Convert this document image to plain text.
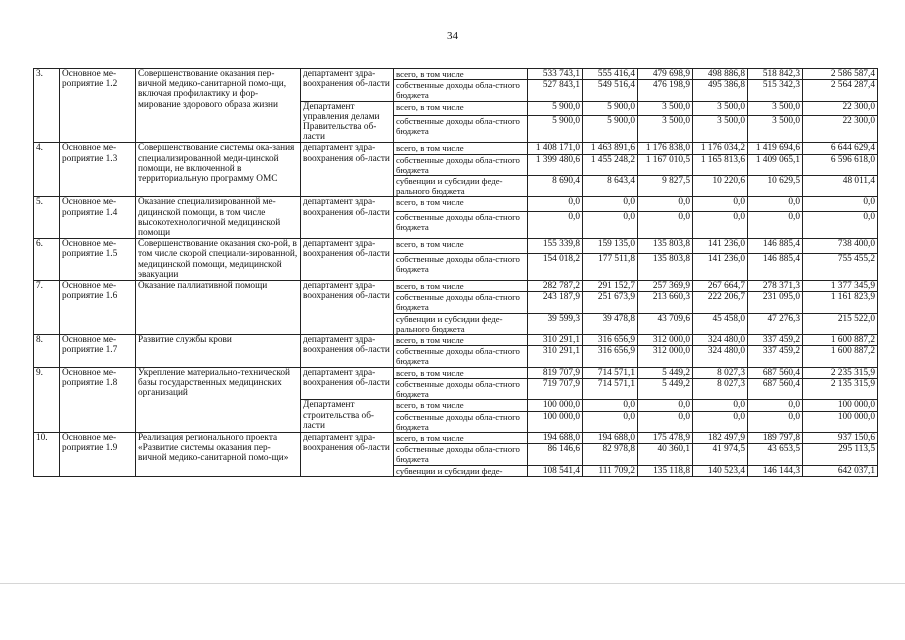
34
3.	Основное ме-роприятие 1.2	Совершенствование оказания пер-вичной медико-санитарной помо-щи, включая профилактику и фор-мирование здорового образа жизни	департамент здра-воохранения об-ласти	всего, в том числе	533 743,1	555 416,4	479 698,9	498 886,8	518 842,3	2 586 587,4
				собственные доходы обла-стного бюджета	527 843,1	549 516,4	476 198,9	495 386,8	515 342,3	2 564 287,4
			Департамент управления делами Правительства об-ласти	всего, в том числе	5 900,0	5 900,0	3 500,0	3 500,0	3 500,0	22 300,0
				собственные доходы обла-стного бюджета	5 900,0	5 900,0	3 500,0	3 500,0	3 500,0	22 300,0
4.	Основное ме-роприятие 1.3	Совершенствование системы ока-зания специализированной меди-цинской помощи, не включенной в территориальную программу ОМС	департамент здра-воохранения об-ласти	всего, в том числе	1 408 171,0	1 463 891,6	1 176 838,0	1 176 034,2	1 419 694,6	6 644 629,4
				собственные доходы обла-стного бюджета	1 399 480,6	1 455 248,2	1 167 010,5	1 165 813,6	1 409 065,1	6 596 618,0
				субвенции и субсидии феде-рального бюджета	8 690,4	8 643,4	9 827,5	10 220,6	10 629,5	48 011,4
5.	Основное ме-роприятие 1.4	Оказание специализированной ме-дицинской помощи, в том числе высокотехнологичной медицинской помощи	департамент здра-воохранения об-ласти	всего, в том числе	0,0	0,0	0,0	0,0	0,0	0,0
				собственные доходы обла-стного бюджета	0,0	0,0	0,0	0,0	0,0	0,0
6.	Основное ме-роприятие 1.5	Совершенствование оказания ско-рой, в том числе скорой специали-зированной, медицинской помощи, медицинской эвакуации	департамент здра-воохранения об-ласти	всего, в том числе	155 339,8	159 135,0	135 803,8	141 236,0	146 885,4	738 400,0
				собственные доходы обла-стного бюджета	154 018,2	177 511,8	135 803,8	141 236,0	146 885,4	755 455,2
7.	Основное ме-роприятие 1.6	Оказание паллиативной помощи	департамент здра-воохранения об-ласти	всего, в том числе	282 787,2	291 152,7	257 369,9	267 664,7	278 371,3	1 377 345,9
				собственные доходы обла-стного бюджета	243 187,9	251 673,9	213 660,3	222 206,7	231 095,0	1 161 823,9
				субвенции и субсидии феде-рального бюджета	39 599,3	39 478,8	43 709,6	45 458,0	47 276,3	215 522,0
8.	Основное ме-роприятие 1.7	Развитие службы крови	департамент здра-воохранения об-ласти	всего, в том числе	310 291,1	316 656,9	312 000,0	324 480,0	337 459,2	1 600 887,2
				собственные доходы обла-стного бюджета	310 291,1	316 656,9	312 000,0	324 480,0	337 459,2	1 600 887,2
9.	Основное ме-роприятие 1.8	Укрепление материально-технической базы государственных медицинских организаций	департамент здра-воохранения об-ласти	всего, в том числе	819 707,9	714 571,1	5 449,2	8 027,3	687 560,4	2 235 315,9
				собственные доходы обла-стного бюджета	719 707,9	714 571,1	5 449,2	8 027,3	687 560,4	2 135 315,9
			Департамент строительства об-ласти	всего, в том числе	100 000,0	0,0	0,0	0,0	0,0	100 000,0
				собственные доходы обла-стного бюджета	100 000,0	0,0	0,0	0,0	0,0	100 000,0
10.	Основное ме-роприятие 1.9	Реализация регионального проекта «Развитие системы оказания пер-вичной медико-санитарной помо-щи»	департамент здра-воохранения об-ласти	всего, в том числе	194 688,0	194 688,0	175 478,9	182 497,9	189 797,8	937 150,6
				собственные доходы обла-стного бюджета	86 146,6	82 978,8	40 360,1	41 974,5	43 653,5	295 113,5
				субвенции и субсидии феде-	108 541,4	111 709,2	135 118,8	140 523,4	146 144,3	642 037,1
